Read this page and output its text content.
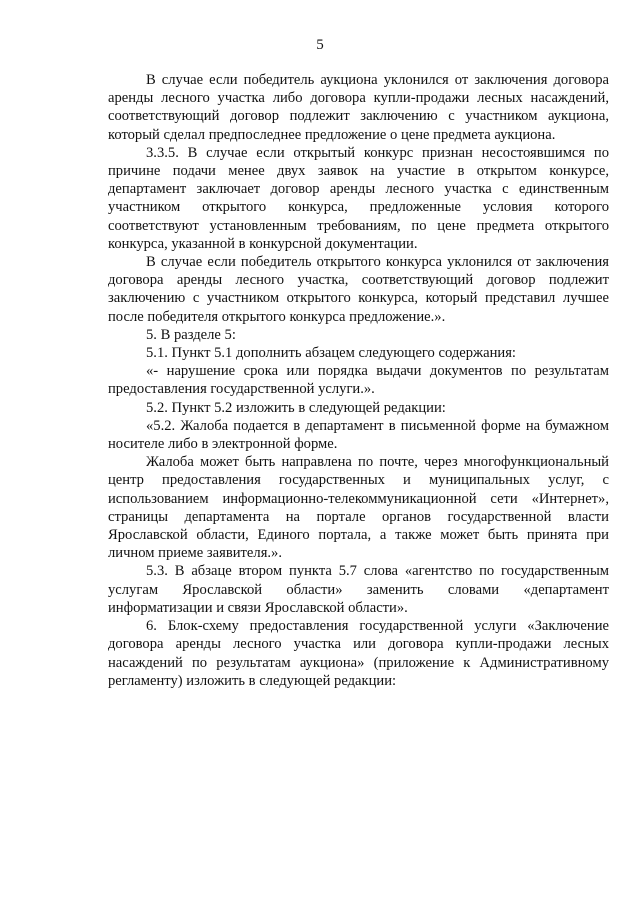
5

В случае если победитель аукциона уклонился от заключения договора аренды лесного участка либо договора купли-продажи лесных насаждений, соответствующий договор подлежит заключению с участником аукциона, который сделал предпоследнее предложение о цене предмета аукциона.

3.3.5. В случае если открытый конкурс признан несостоявшимся по причине подачи менее двух заявок на участие в открытом конкурсе, департамент заключает договор аренды лесного участка с единственным участником открытого конкурса, предложенные условия которого соответствуют установленным требованиям, по цене предмета открытого конкурса, указанной в конкурсной документации.

В случае если победитель открытого конкурса уклонился от заключения договора аренды лесного участка, соответствующий договор подлежит заключению с участником открытого конкурса, который представил лучшее после победителя открытого конкурса предложение.».

5. В разделе 5:

5.1. Пункт 5.1 дополнить абзацем следующего содержания:

«- нарушение срока или порядка выдачи документов по результатам предоставления государственной услуги.».

5.2. Пункт 5.2 изложить в следующей редакции:

«5.2. Жалоба подается в департамент в письменной форме на бумажном носителе либо в электронной форме.

Жалоба может быть направлена по почте, через многофункциональный центр предоставления государственных и муниципальных услуг, с использованием информационно-телекоммуникационной сети «Интернет», страницы департамента на портале органов государственной власти Ярославской области, Единого портала, а также может быть принята при личном приеме заявителя.».

5.3. В абзаце втором пункта 5.7 слова «агентство по государственным услугам Ярославской области» заменить словами «департамент информатизации и связи Ярославской области».

6. Блок-схему предоставления государственной услуги «Заключение договора аренды лесного участка или договора купли-продажи лесных насаждений по результатам аукциона» (приложение к Административному регламенту) изложить в следующей редакции:
